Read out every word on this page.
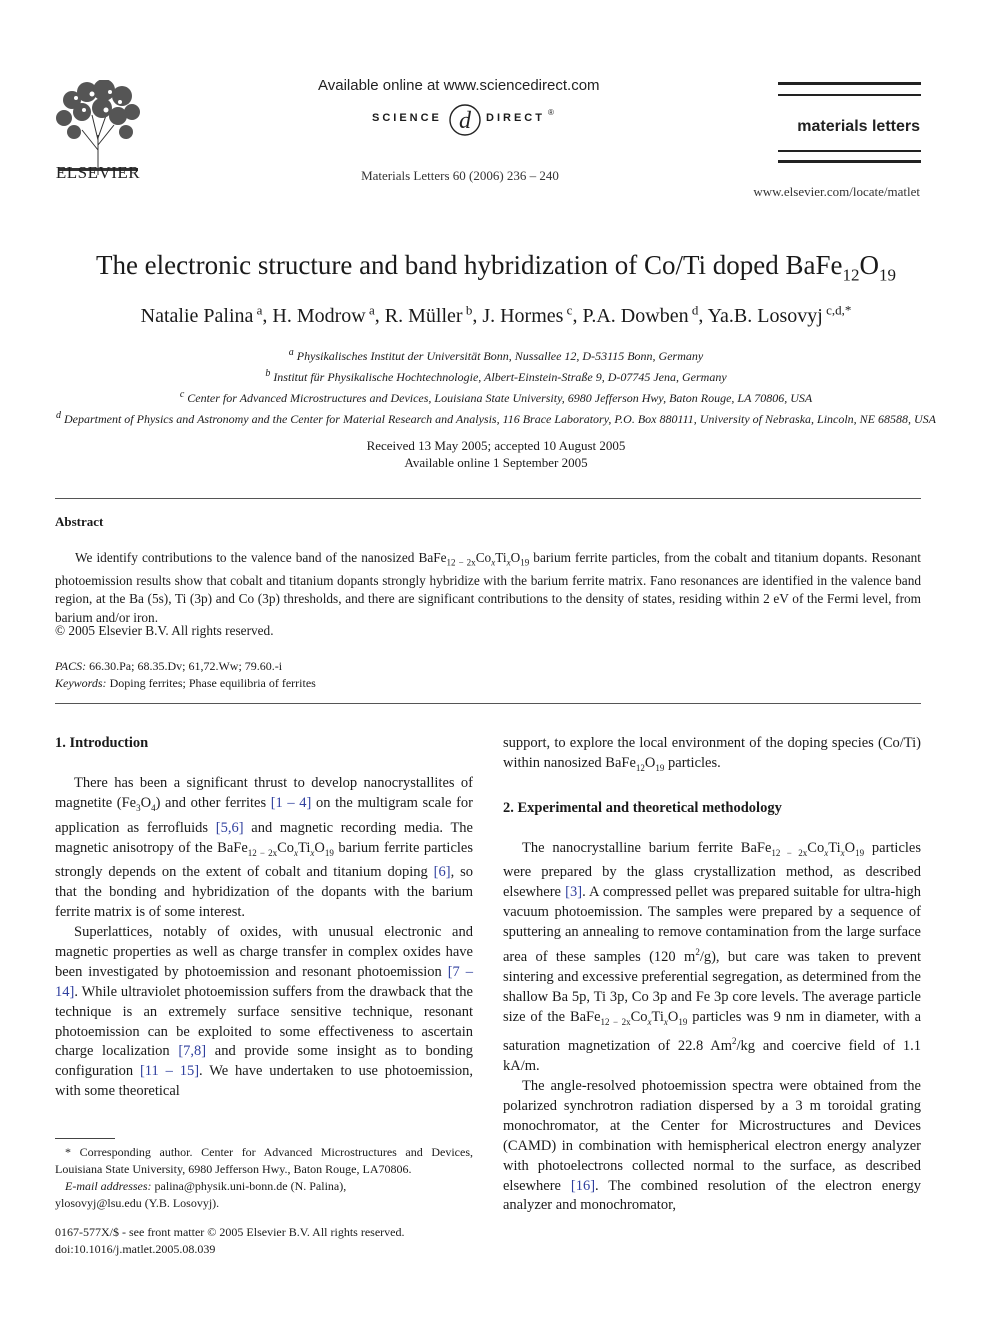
ELSEVIER
Available online at www.sciencedirect.com
SCIENCE d DIRECT ®
Materials Letters 60 (2006) 236 – 240
materials letters
www.elsevier.com/locate/matlet
The electronic structure and band hybridization of Co/Ti doped $BaFe_{12}O_{19}$
Natalie Palina $^a$, H. Modrow $^a$, R. Müller $^b$, J. Hormes $^c$, P.A. Dowben $^d$, Ya.B. Losovyj $^{c,d,*}$
$^a$ Physikalisches Institut der Universität Bonn, Nussallee 12, D-53115 Bonn, Germany
$^b$ Institut für Physikalische Hochtechnologie, Albert-Einstein-Straße 9, D-07745 Jena, Germany
$^c$ Center for Advanced Microstructures and Devices, Louisiana State University, 6980 Jefferson Hwy, Baton Rouge, LA 70806, USA
$^d$ Department of Physics and Astronomy and the Center for Material Research and Analysis, 116 Brace Laboratory, P.O. Box 880111, University of Nebraska, Lincoln, NE 68588, USA
Received 13 May 2005; accepted 10 August 2005
Available online 1 September 2005
Abstract

We identify contributions to the valence band of the nanosized $BaFe_{12 - 2x}Co_xTi_xO_{19}$ barium ferrite particles, from the cobalt and titanium dopants. Resonant photoemission results show that cobalt and titanium dopants strongly hybridize with the barium ferrite matrix. Fano resonances are identified in the valence band region, at the Ba (5s), Ti (3p) and Co (3p) thresholds, and there are significant contributions to the density of states, residing within 2 eV of the Fermi level, from barium and/or iron.

© 2005 Elsevier B.V. All rights reserved.
PACS: 66.30.Pa; 68.35.Dv; 61,72.Ww; 79.60.-i
Keywords: Doping ferrites; Phase equilibria of ferrites

1. Introduction

There has been a significant thrust to develop nanocrystallites of magnetite $(Fe_3O_4)$ and other ferrites [1 – 4] on the multigram scale for application as ferrofluids [5,6] and magnetic recording media. The magnetic anisotropy of the $BaFe_{12 - 2x}Co_xTi_xO_{19}$ barium ferrite particles strongly depends on the extent of cobalt and titanium doping [6], so that the bonding and hybridization of the dopants with the barium ferrite matrix is of some interest.

Superlattices, notably of oxides, with unusual electronic and magnetic properties as well as charge transfer in complex oxides have been investigated by photoemission and resonant photoemission [7 – 14]. While ultraviolet photoemission suffers from the drawback that the technique is an extremely surface sensitive technique, resonant photoemission can be exploited to some effectiveness to ascertain charge localization [7,8] and provide some insight as to bonding configuration [11 – 15]. We have undertaken to use photoemission, with some theoretical

* Corresponding author. Center for Advanced Microstructures and Devices, Louisiana State University, 6980 Jefferson Hwy., Baton Rouge, LA70806.
E-mail addresses: palina@physik.uni-bonn.de (N. Palina),
ylosovyj@lsu.edu (Y.B. Losovyj).
0167-577X/$ - see front matter © 2005 Elsevier B.V. All rights reserved.
doi:10.1016/j.matlet.2005.08.039

support, to explore the local environment of the doping species (Co/Ti) within nanosized $BaFe_{12}O_{19}$ particles.

2. Experimental and theoretical methodology

The nanocrystalline barium ferrite $BaFe_{12 - 2x}Co_xTi_xO_{19}$ particles were prepared by the glass crystallization method, as described elsewhere [3]. A compressed pellet was prepared suitable for ultra-high vacuum photoemission. The samples were prepared by a sequence of sputtering an annealing to remove contamination from the large surface area of these samples (120 $m^2/g$), but care was taken to prevent sintering and excessive preferential segregation, as determined from the shallow Ba 5p, Ti 3p, Co 3p and Fe 3p core levels. The average particle size of the $BaFe_{12 - 2x}Co_xTi_xO_{19}$ particles was 9 nm in diameter, with a saturation magnetization of 22.8 Am$^2$/kg and coercive field of 1.1 kA/m.

The angle-resolved photoemission spectra were obtained from the polarized synchrotron radiation dispersed by a 3 m toroidal grating monochromator, at the Center for Microstructures and Devices (CAMD) in combination with hemispherical electron energy analyzer with photoelectrons collected normal to the surface, as described elsewhere [16]. The combined resolution of the electron energy analyzer and monochromator,
